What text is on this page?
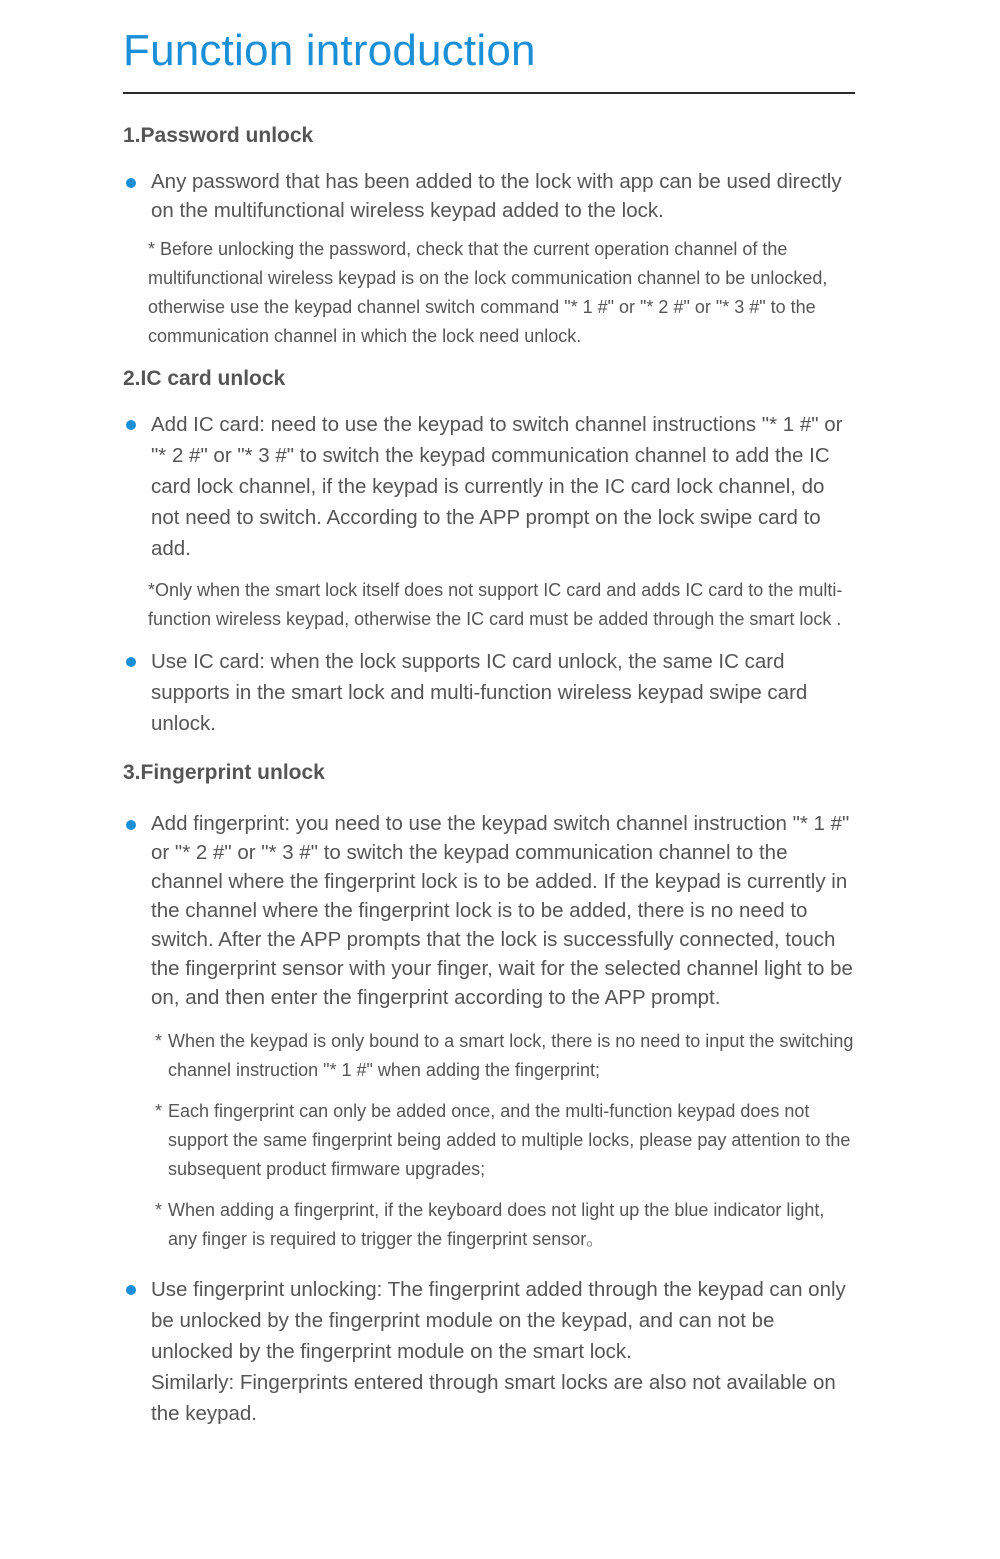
Function introduction
1.Password unlock

Any password that has been added to the lock with app can be used directly on the multifunctional wireless keypad added to the lock.

* Before unlocking the password, check that the current operation channel of the multifunctional wireless keypad is on the lock communication channel to be unlocked, otherwise use the keypad channel switch command "* 1 #" or "* 2 #" or "* 3 #" to the communication channel in which the lock need unlock.

2.IC card unlock

Add IC card: need to use the keypad to switch channel instructions "* 1 #" or "* 2 #" or "* 3 #" to switch the keypad communication channel to add the IC card lock channel, if the keypad is currently in the IC card lock channel, do not need to switch. According to the APP prompt on the lock swipe card to add.

*Only when the smart lock itself does not support IC card and adds IC card to the multi-function wireless keypad, otherwise the IC card must be added through the smart lock .

Use IC card: when the lock supports IC card unlock, the same IC card supports in the smart lock and multi-function wireless keypad swipe card unlock.

3.Fingerprint unlock

Add fingerprint: you need to use the keypad switch channel instruction "* 1 #" or "* 2 #" or "* 3 #" to switch the keypad communication channel to the channel where the fingerprint lock is to be added. If the keypad is currently in the channel where the fingerprint lock is to be added, there is no need to switch. After the APP prompts that the lock is successfully connected, touch the fingerprint sensor with your finger, wait for the selected channel light to be on, and then enter the fingerprint according to the APP prompt.

* When the keypad is only bound to a smart lock, there is no need to input the switching channel instruction "* 1 #" when adding the fingerprint;

* Each fingerprint can only be added once, and the multi-function keypad does not support the same fingerprint being added to multiple locks, please pay attention to the subsequent product firmware upgrades;

* When adding a fingerprint, if the keyboard does not light up the blue indicator light, any finger is required to trigger the fingerprint sensor。

Use fingerprint unlocking: The fingerprint added through the keypad can only be unlocked by the fingerprint module on the keypad, and can not be unlocked by the fingerprint module on the smart lock.

Similarly: Fingerprints entered through smart locks are also not available on the keypad.
